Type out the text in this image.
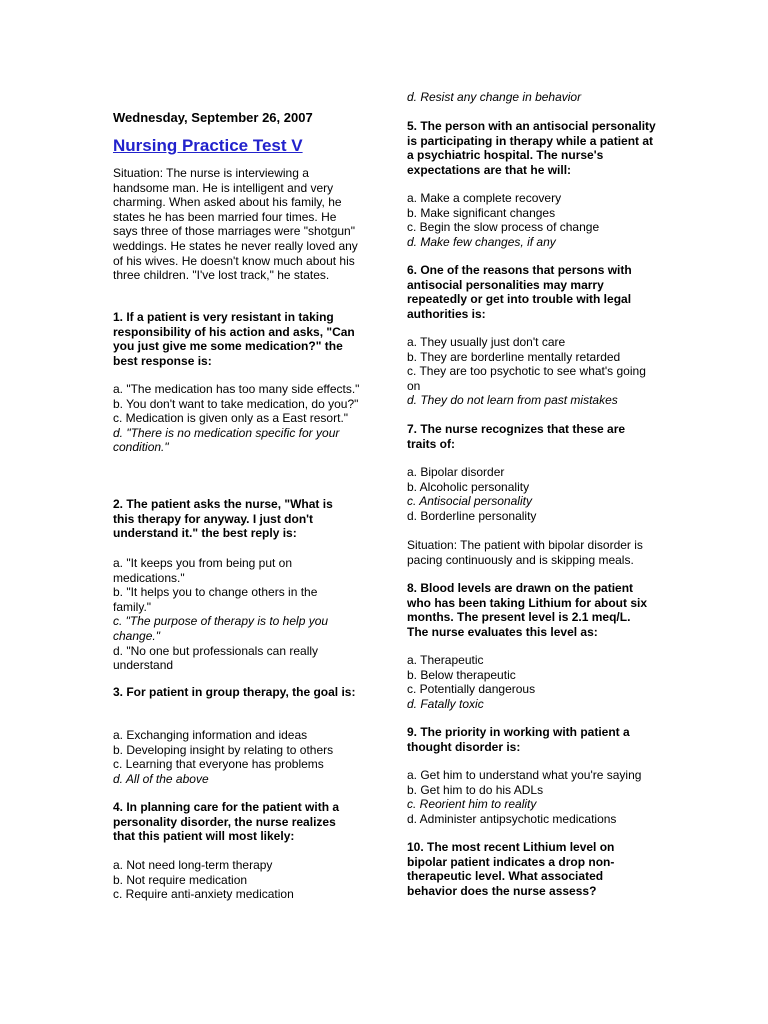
Wednesday, September 26, 2007
Nursing Practice Test V

Situation: The nurse is interviewing a handsome man. He is intelligent and very charming. When asked about his family, he states he has been married four times. He says three of those marriages were "shotgun" weddings. He states he never really loved any of his wives. He doesn't know much about his three children. "I've lost track," he states.

1. If a patient is very resistant in taking responsibility of his action and asks, "Can you just give me some medication?" the best response is:
a. "The medication has too many side effects."
b. You don't want to take medication, do you?"
c. Medication is given only as a East resort."
d. "There is no medication specific for your condition."
2. The patient asks the nurse, "What is this therapy for anyway. I just don't understand it." the best reply is:
a. "It keeps you from being put on medications."
b. "It helps you to change others in the family."
c. "The purpose of therapy is to help you change."
d. "No one but professionals can really understand
3. For patient in group therapy, the goal is:
a. Exchanging information and ideas
b. Developing insight by relating to others
c. Learning that everyone has problems
d. All of the above
4. In planning care for the patient with a personality disorder, the nurse realizes that this patient will most likely:
a. Not need long-term therapy
b. Not require medication
c. Require anti-anxiety medication
d. Resist any change in behavior
5. The person with an antisocial personality is participating in therapy while a patient at a psychiatric hospital. The nurse's expectations are that he will:
a. Make a complete recovery
b. Make significant changes
c. Begin the slow process of change
d. Make few changes, if any
6. One of the reasons that persons with antisocial personalities may marry repeatedly or get into trouble with legal authorities is:
a. They usually just don't care
b. They are borderline mentally retarded
c. They are too psychotic to see what's going on
d. They do not learn from past mistakes
7. The nurse recognizes that these are traits of:
a. Bipolar disorder
b. Alcoholic personality
c. Antisocial personality
d. Borderline personality

Situation: The patient with bipolar disorder is pacing continuously and is skipping meals.

8. Blood levels are drawn on the patient who has been taking Lithium for about six months. The present level is 2.1 meq/L. The nurse evaluates this level as:
a. Therapeutic
b. Below therapeutic
c. Potentially dangerous
d. Fatally toxic
9. The priority in working with patient a thought disorder is:
a. Get him to understand what you're saying
b. Get him to do his ADLs
c. Reorient him to reality
d. Administer antipsychotic medications
10. The most recent Lithium level on bipolar patient indicates a drop non-therapeutic level. What associated behavior does the nurse assess?
